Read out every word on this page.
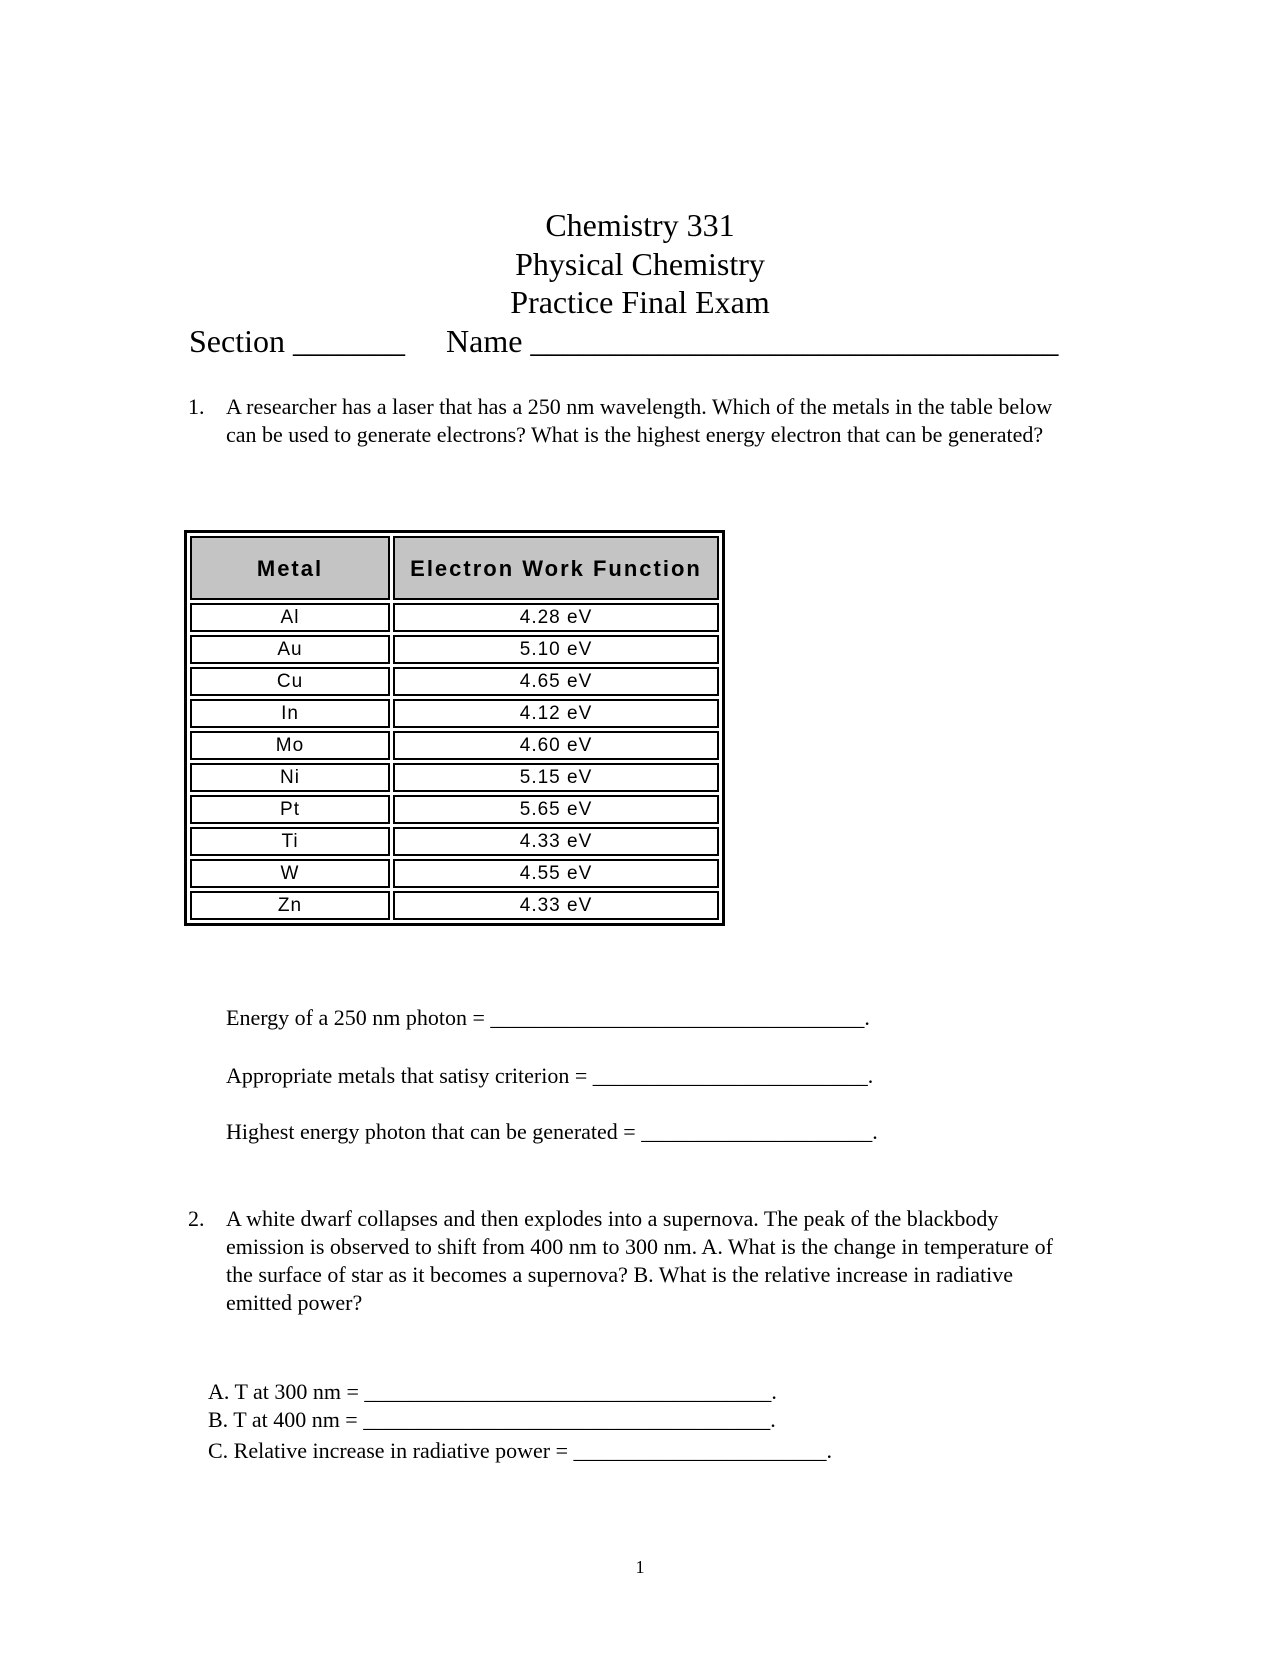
Chemistry 331
Physical Chemistry
Practice Final Exam
Section _______ Name _________________________________
1. A researcher has a laser that has a 250 nm wavelength. Which of the metals in the table below can be used to generate electrons? What is the highest energy electron that can be generated?
Metal	Electron Work Function
Al	4.28 eV
Au	5.10 eV
Cu	4.65 eV
In	4.12 eV
Mo	4.60 eV
Ni	5.15 eV
Pt	5.65 eV
Ti	4.33 eV
W	4.55 eV
Zn	4.33 eV
Energy of a 250 nm photon = __________________________________.
Appropriate metals that satisy criterion = _________________________.
Highest energy photon that can be generated = _____________________.
2. A white dwarf collapses and then explodes into a supernova. The peak of the blackbody emission is observed to shift from 400 nm to 300 nm. A. What is the change in temperature of the surface of star as it becomes a supernova? B. What is the relative increase in radiative emitted power?
A. T at 300 nm = _____________________________________.
B. T at 400 nm = _____________________________________.
C. Relative increase in radiative power = _______________________.
1
